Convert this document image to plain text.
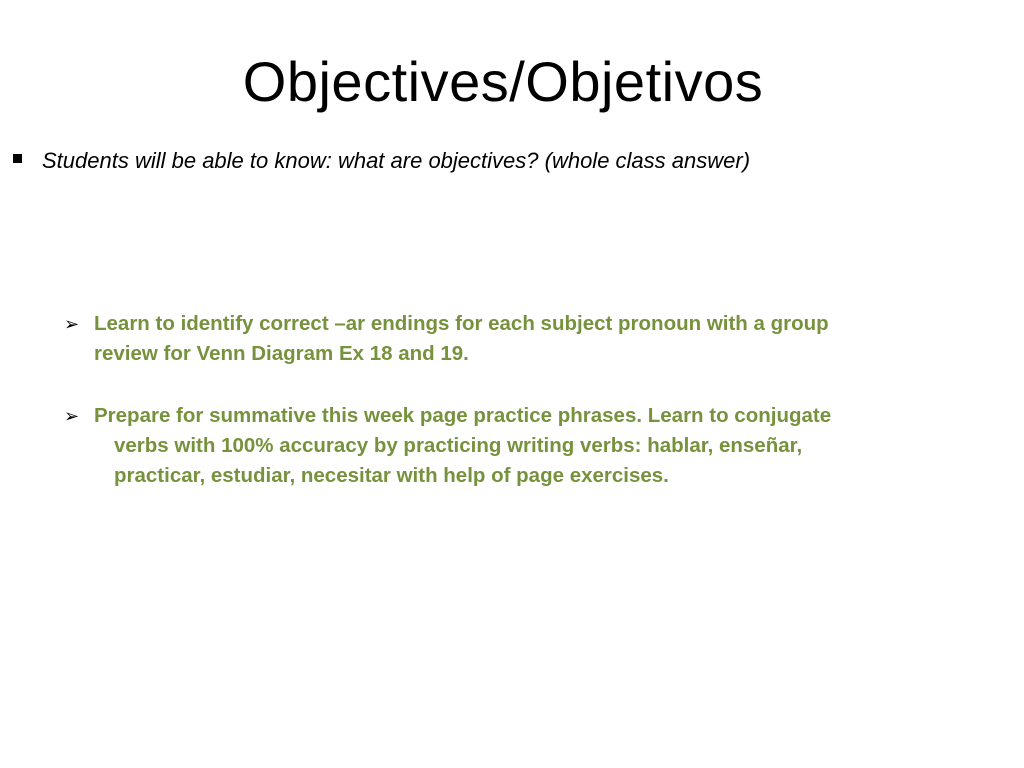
Objectives/Objetivos
Students will be able to know: what are objectives? (whole class answer)
➢ Learn to identify correct –ar endings for each subject pronoun with a group
review for Venn Diagram Ex 18 and 19.
➢ Prepare for summative this week page practice phrases. Learn to conjugate
verbs with 100% accuracy by practicing writing verbs: hablar, enseñar,
practicar, estudiar, necesitar with help of page exercises.
